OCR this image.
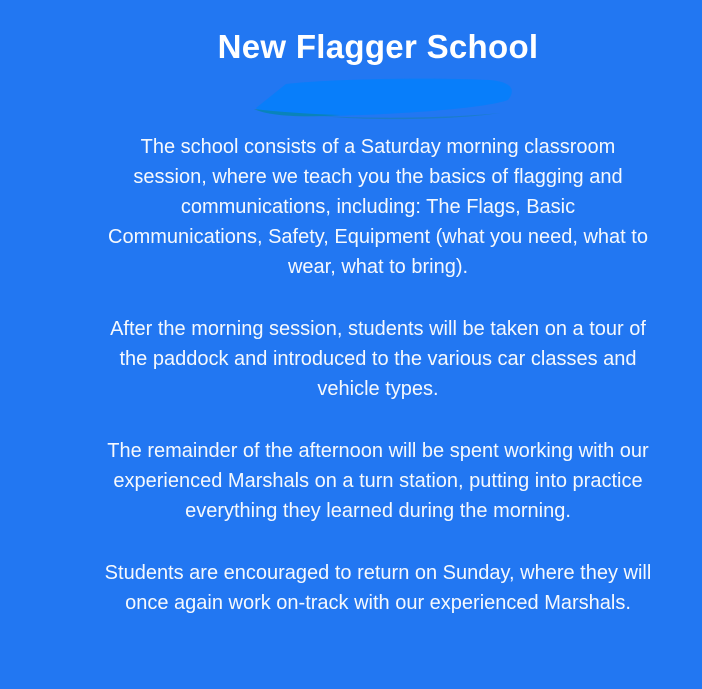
New Flagger School

The school consists of a Saturday morning classroom
session, where we teach you the basics of flagging and
communications, including: The Flags, Basic
Communications, Safety, Equipment (what you need, what to
wear, what to bring).

After the morning session, students will be taken on a tour of
the paddock and introduced to the various car classes and
vehicle types.

The remainder of the afternoon will be spent working with our
experienced Marshals on a turn station, putting into practice
everything they learned during the morning.

Students are encouraged to return on Sunday, where they will
once again work on-track with our experienced Marshals.
